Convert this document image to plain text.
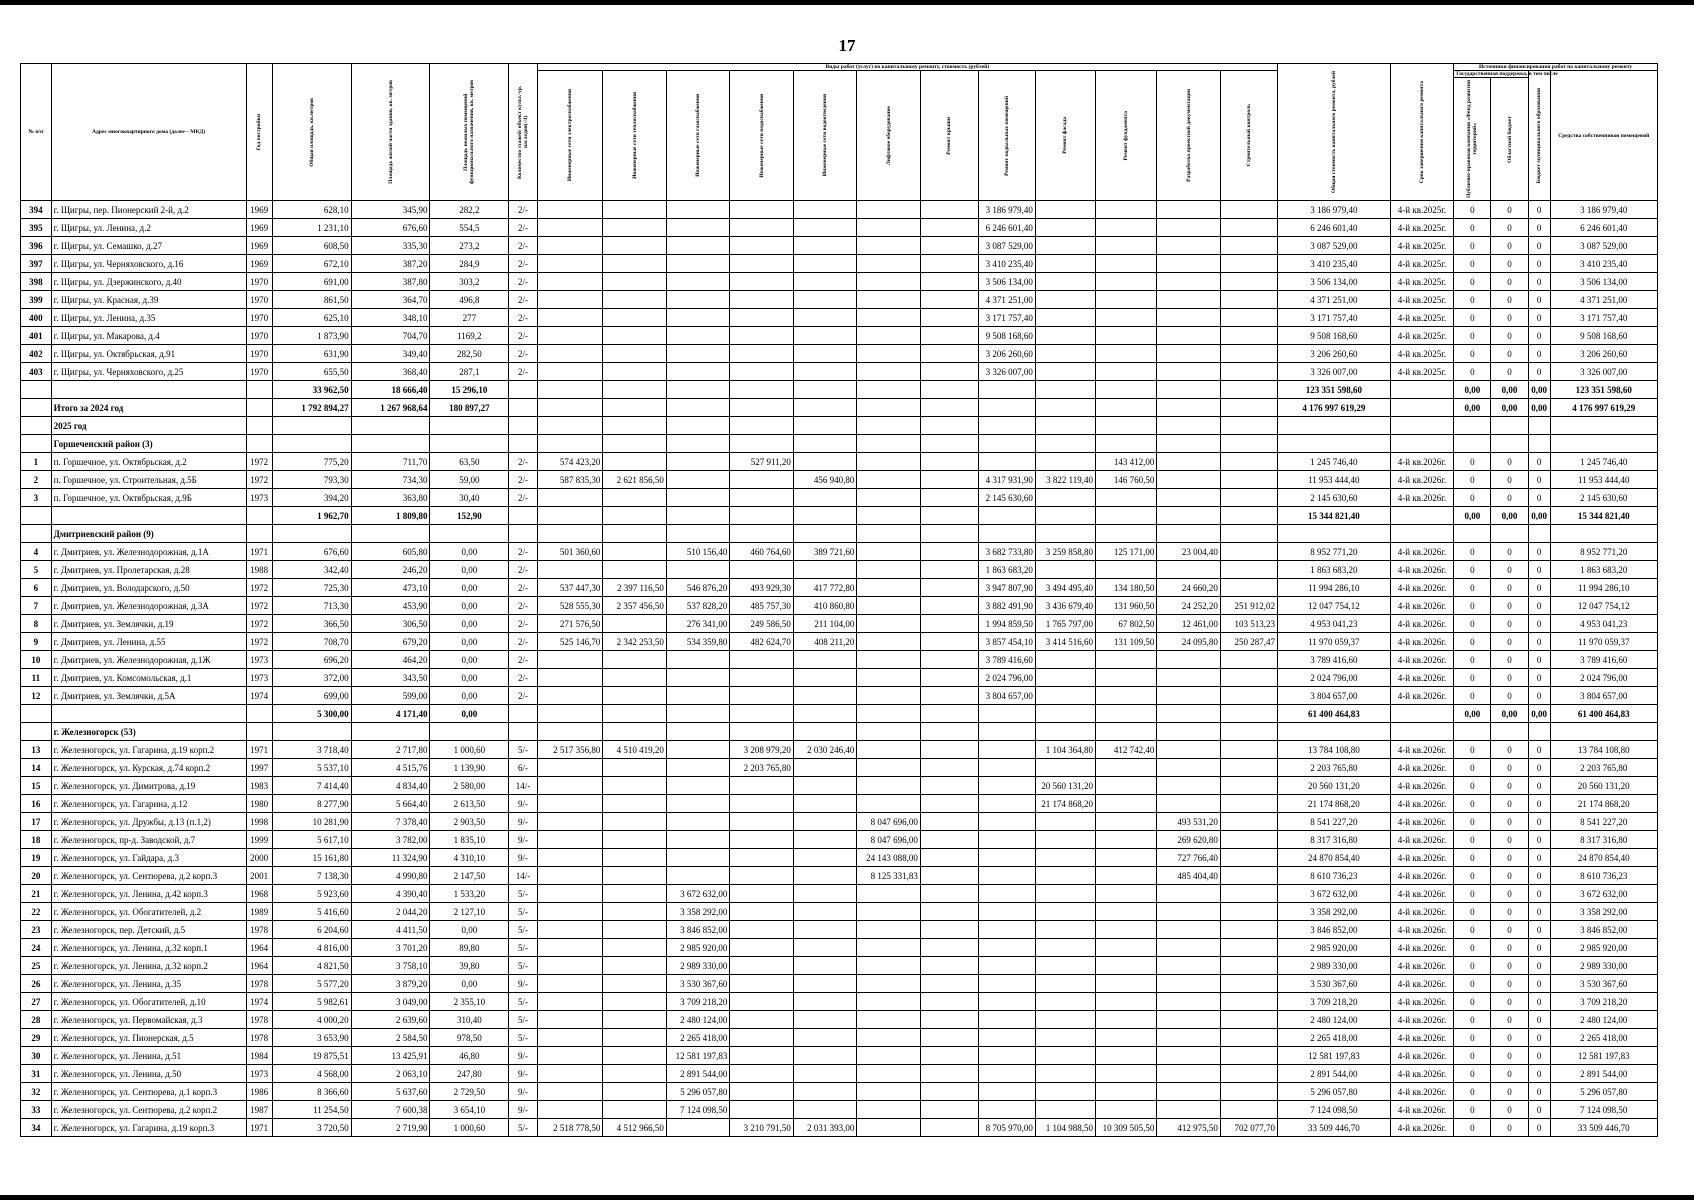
17
№ п/п	Адрес многоквартирного дома (далее – МКД)	Год постройки	Общая площадь, кв.метров	Площадь жилой части здания, кв. метров	Площадь нежилых помещений функционального назначения, кв. метров	Количество этажей/ объект культ.-ур. наследия(-/1)	Виды работ (услуг) по капитальному ремонту, стоимость (рублей)												Общая стоимость капитального ремонта, рублей	Срок завершения капитального ремонта	Источники финансирования работ по капитальному ремонту			

							Инженерные сети электроснабжения	Инженерные сети теплоснабжения	Инженерные сети газоснабжения	Инженерные сети водоснабжения	Инженерные сети водоотведения	Лифтовое оборудование	Ремонт крыши	Ремонт подвальных помещений	Ремонт фасада	Ремонт фундамента	Разработка проектной документации	Строительный контроль			Государственная поддержка, в том числе		Бюджет муниципального образования	Средства собственников помещений

																					Публично-правовая компания «Фонд развития территорий»	Областной бюджет		

394	г. Щигры, пер. Пионерский 2-й, д.2	1969	628,10	345,90	282,2	2/-								3 186 979,40					3 186 979,40	4-й кв.2025г.	0	0	0	3 186 979,40
395	г. Щигры, ул. Ленина, д.2	1969	1 231,10	676,60	554,5	2/-								6 246 601,40					6 246 601,40	4-й кв.2025г.	0	0	0	6 246 601,40
396	г. Щигры, ул. Семашко, д.27	1969	608,50	335,30	273,2	2/-								3 087 529,00					3 087 529,00	4-й кв.2025г.	0	0	0	3 087 529,00
397	г. Щигры, ул. Черняховского, д.16	1969	672,10	387,20	284,9	2/-								3 410 235,40					3 410 235,40	4-й кв.2025г.	0	0	0	3 410 235,40
398	г. Щигры, ул. Дзержинского, д.40	1970	691,00	387,80	303,2	2/-								3 506 134,00					3 506 134,00	4-й кв.2025г.	0	0	0	3 506 134,00
399	г. Щигры, ул. Красная, д.39	1970	861,50	364,70	496,8	2/-								4 371 251,00					4 371 251,00	4-й кв.2025г.	0	0	0	4 371 251,00
400	г. Щигры, ул. Ленина, д.35	1970	625,10	348,10	277	2/-								3 171 757,40					3 171 757,40	4-й кв.2025г.	0	0	0	3 171 757,40
401	г. Щигры, ул. Макарова, д.4	1970	1 873,90	704,70	1169,2	2/-								9 508 168,60					9 508 168,60	4-й кв.2025г.	0	0	0	9 508 168,60
402	г. Щигры, ул. Октябрьская, д.91	1970	631,90	349,40	282,50	2/-								3 206 260,60					3 206 260,60	4-й кв.2025г.	0	0	0	3 206 260,60
403	г. Щигры, ул. Черняховского, д.25	1970	655,50	368,40	287,1	2/-								3 326 007,00					3 326 007,00	4-й кв.2025г.	0	0	0	3 326 007,00
			33 962,50	18 666,40	15 296,10														123 351 598,60		0,00	0,00	0,00	123 351 598,60
	Итого за 2024 год		1 792 894,27	1 267 968,64	180 897,27														4 176 997 619,29		0,00	0,00	0,00	4 176 997 619,29
	2025 год																							
	Горшеченский район (3)																							
1	п. Горшечное, ул. Октябрьская, д.2	1972	775,20	711,70	63,50	2/-	574 423,20			527 911,20						143 412,00			1 245 746,40	4-й кв.2026г.	0	0	0	1 245 746,40
2	п. Горшечное, ул. Строительная, д.5Б	1972	793,30	734,30	59,00	2/-	587 835,30	2 621 856,50			456 940,80			4 317 931,90	3 822 119,40	146 760,50			11 953 444,40	4-й кв.2026г.	0	0	0	11 953 444,40
3	п. Горшечное, ул. Октябрьская, д.9Б	1973	394,20	363,80	30,40	2/-								2 145 630,60					2 145 630,60	4-й кв.2026г.	0	0	0	2 145 630,60
			1 962,70	1 809,80	152,90														15 344 821,40		0,00	0,00	0,00	15 344 821,40
	Дмитриевский район (9)																							
4	г. Дмитриев, ул. Железнодорожная, д.1А	1971	676,60	605,80	0,00	2/-	501 360,60		510 156,40	460 764,60	389 721,60			3 682 733,80	3 259 858,80	125 171,00	23 004,40		8 952 771,20	4-й кв.2026г.	0	0	0	8 952 771,20
5	г. Дмитриев, ул. Пролетарская, д.28	1988	342,40	246,20	0,00	2/-								1 863 683,20					1 863 683,20	4-й кв.2026г.	0	0	0	1 863 683,20
6	г. Дмитриев, ул. Володарского, д.50	1972	725,30	473,10	0,00	2/-	537 447,30	2 397 116,50	546 876,20	493 929,30	417 772,80			3 947 807,90	3 494 495,40	134 180,50	24 660,20		11 994 286,10	4-й кв.2026г.	0	0	0	11 994 286,10
7	г. Дмитриев, ул. Железнодорожная, д.3А	1972	713,30	453,90	0,00	2/-	528 555,30	2 357 456,50	537 828,20	485 757,30	410 860,80			3 882 491,90	3 436 679,40	131 960,50	24 252,20	251 912,02	12 047 754,12	4-й кв.2026г.	0	0	0	12 047 754,12
8	г. Дмитриев, ул. Землячки, д.19	1972	366,50	306,50	0,00	2/-	271 576,50		276 341,00	249 586,50	211 104,00			1 994 859,50	1 765 797,00	67 802,50	12 461,00	103 513,23	4 953 041,23	4-й кв.2026г.	0	0	0	4 953 041,23
9	г. Дмитриев, ул. Ленина, д.55	1972	708,70	679,20	0,00	2/-	525 146,70	2 342 253,50	534 359,80	482 624,70	408 211,20			3 857 454,10	3 414 516,60	131 109,50	24 095,80	250 287,47	11 970 059,37	4-й кв.2026г.	0	0	0	11 970 059,37
10	г. Дмитриев, ул. Железнодорожная, д.1Ж	1973	696,20	464,20	0,00	2/-								3 789 416,60					3 789 416,60	4-й кв.2026г.	0	0	0	3 789 416,60
11	г. Дмитриев, ул. Комсомольская, д.1	1973	372,00	343,50	0,00	2/-								2 024 796,00					2 024 796,00	4-й кв.2026г.	0	0	0	2 024 796,00
12	г. Дмитриев, ул. Землячки, д.5А	1974	699,00	599,00	0,00	2/-								3 804 657,00					3 804 657,00	4-й кв.2026г.	0	0	0	3 804 657,00
			5 300,00	4 171,40	0,00														61 400 464,83		0,00	0,00	0,00	61 400 464,83
	г. Железногорск (53)																							
13	г. Железногорск, ул. Гагарина, д.19 корп.2	1971	3 718,40	2 717,80	1 000,60	5/-	2 517 356,80	4 510 419,20		3 208 979,20	2 030 246,40				1 104 364,80	412 742,40			13 784 108,80	4-й кв.2026г.	0	0	0	13 784 108,80
14	г. Железногорск, ул. Курская, д.74 корп.2	1997	5 537,10	4 515,76	1 139,90	6/-				2 203 765,80									2 203 765,80	4-й кв.2026г.	0	0	0	2 203 765,80
15	г. Железногорск, ул. Димитрова, д.19	1983	7 414,40	4 834,40	2 580,00	14/-									20 560 131,20				20 560 131,20	4-й кв.2026г.	0	0	0	20 560 131,20
16	г. Железногорск, ул. Гагарина, д.12	1980	8 277,90	5 664,40	2 613,50	9/-									21 174 868,20				21 174 868,20	4-й кв.2026г.	0	0	0	21 174 868,20
17	г. Железногорск, ул. Дружбы, д.13 (п.1,2)	1998	10 281,90	7 378,40	2 903,50	9/-						8 047 696,00					493 531,20		8 541 227,20	4-й кв.2026г.	0	0	0	8 541 227,20
18	г. Железногорск, пр-д. Заводской, д.7	1999	5 617,10	3 782,00	1 835,10	9/-						8 047 696,00					269 620,80		8 317 316,80	4-й кв.2026г.	0	0	0	8 317 316,80
19	г. Железногорск, ул. Гайдара, д.3	2000	15 161,80	11 324,90	4 310,10	9/-						24 143 088,00					727 766,40		24 870 854,40	4-й кв.2026г.	0	0	0	24 870 854,40
20	г. Железногорск, ул. Сентюрева, д.2 корп.3	2001	7 138,30	4 990,80	2 147,50	14/-						8 125 331,83					485 404,40		8 610 736,23	4-й кв.2026г.	0	0	0	8 610 736,23
21	г. Железногорск, ул. Ленина, д.42 корп.3	1968	5 923,60	4 390,40	1 533,20	5/-			3 672 632,00										3 672 632,00	4-й кв.2026г.	0	0	0	3 672 632,00
22	г. Железногорск, ул. Обогатителей, д.2	1989	5 416,60	2 044,20	2 127,10	5/-			3 358 292,00										3 358 292,00	4-й кв.2026г.	0	0	0	3 358 292,00
23	г. Железногорск, пер. Детский, д.5	1978	6 204,60	4 411,50	0,00	5/-			3 846 852,00										3 846 852,00	4-й кв.2026г.	0	0	0	3 846 852,00
24	г. Железногорск, ул. Ленина, д.32 корп.1	1964	4 816,00	3 701,20	89,80	5/-			2 985 920,00										2 985 920,00	4-й кв.2026г.	0	0	0	2 985 920,00
25	г. Железногорск, ул. Ленина, д.32 корп.2	1964	4 821,50	3 758,10	39,80	5/-			2 989 330,00										2 989 330,00	4-й кв.2026г.	0	0	0	2 989 330,00
26	г. Железногорск, ул. Ленина, д.35	1978	5 577,20	3 879,20	0,00	9/-			3 530 367,60										3 530 367,60	4-й кв.2026г.	0	0	0	3 530 367,60
27	г. Железногорск, ул. Обогатителей, д.10	1974	5 982,61	3 049,00	2 355,10	5/-			3 709 218,20										3 709 218,20	4-й кв.2026г.	0	0	0	3 709 218,20
28	г. Железногорск, ул. Первомайская, д.3	1978	4 000,20	2 639,60	310,40	5/-			2 480 124,00										2 480 124,00	4-й кв.2026г.	0	0	0	2 480 124,00
29	г. Железногорск, ул. Пионерская, д.5	1978	3 653,90	2 584,50	978,50	5/-			2 265 418,00										2 265 418,00	4-й кв.2026г.	0	0	0	2 265 418,00
30	г. Железногорск, ул. Ленина, д.51	1984	19 875,51	13 425,91	46,80	9/-			12 581 197,83										12 581 197,83	4-й кв.2026г.	0	0	0	12 581 197,83
31	г. Железногорск, ул. Ленина, д.50	1973	4 568,00	2 063,10	247,80	9/-			2 891 544,00										2 891 544,00	4-й кв.2026г.	0	0	0	2 891 544,00
32	г. Железногорск, ул. Сентюрева, д.1 корп.3	1986	8 366,60	5 637,60	2 729,50	9/-			5 296 057,80										5 296 057,80	4-й кв.2026г.	0	0	0	5 296 057,80
33	г. Железногорск, ул. Сентюрева, д.2 корп.2	1987	11 254,50	7 600,38	3 654,10	9/-			7 124 098,50										7 124 098,50	4-й кв.2026г.	0	0	0	7 124 098,50
34	г. Железногорск, ул. Гагарина, д.19 корп.3	1971	3 720,50	2 719,90	1 000,60	5/-	2 518 778,50	4 512 966,50		3 210 791,50	2 031 393,00			8 705 970,00	1 104 988,50	10 309 505,50	412 975,50	702 077,70	33 509 446,70	4-й кв.2026г.	0	0	0	33 509 446,70
